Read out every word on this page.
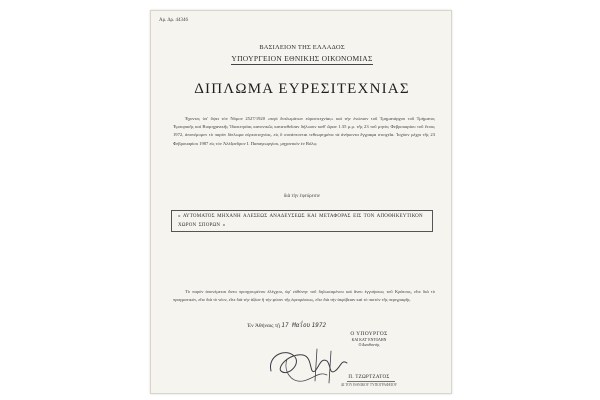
Αρ. Δρ. 44346
ΒΑΣΙΛΕΙΟΝ ΤΗΣ ΕΛΛΑΔΟΣ
ΥΠΟΥΡΓΕΙΟΝ ΕΘΝΙΚΗΣ ΟΙΚΟΝΟΜΙΑΣ
ΔΙΠΛΩΜΑ ΕΥΡΕΣΙΤΕΧΝΙΑΣ
Έχοντες ὑπ' ὄψει τὸν Νόμον 2527/1920 «περὶ διπλωμάτων εὐρεσιτεχνίας» καὶ τὴν ἐνώπιον τοῦ Τμηματάρχου τοῦ Τμήματος Ἐμπορικῆς καὶ Βιομηχανικῆς Ἰδιοκτησίας κανονικῶς κατατεθεῖσαν δήλωσιν καθ' ὥραν 1.35 μ.μ. τῆς 23 τοῦ μηνὸς Φεβρουαρίου τοῦ ἔτους 1972, ἀπονέμομεν τὸ παρὸν δίπλωμα εὐρεσιτεχνίας, εἰς ὃ συνάπτονται τεθεωρημένα τὰ ἀνήκοντα ἔγγραφα στοιχεῖα. Ἰσχύον μέχρι τῆς 23 Φεβρουαρίου 1987 εἰς τὸν Ἀλέξανδρον Ι. Παπαγεωργίου, μηχανικὸν ἐν Βόλῳ
διὰ τὴν ἐφεύρεσιν
« ΑΥΤΟΜΑΤΟΣ ΜΗΧΑΝΗ ΑΛΕΣΕΩΣ ΑΝΑΔΕΥΣΕΩΣ ΚΑΙ ΜΕΤΑΦΟΡΑΣ ΕΙΣ ΤΟΝ ΑΠΟΘΗΚΕΥΤΙΚΟΝ ΧΩΡΟΝ ΣΠΟΡΩΝ »
Τὸ παρὸν ἀπονέμεται ἄνευ προηγουμένου ἐλέγχου, ὑφ' εὐθύνην τοῦ δηλωσαμένου καὶ ἄνευ ἐγγυήσεως τοῦ Κράτους, εἴτε διὰ τὸ πραγματικόν, εἴτε διὰ τὸ νέον, εἴτε διὰ τὴν ἀξίαν ἢ τὴν φύσιν τῆς ἐφευρέσεως, εἴτε διὰ τὴν ἀκρίβειαν καὶ τὸ πιστὸν τῆς περιγραφῆς.
Ἐν Ἀθήναις τῇ 17 Μαΐου 1972
Ο ΥΠΟΥΡΓΟΣ
ΚΑΙ ΚΑΤ' ΕΝΤΟΛΗΝ
Ο Διευθυντής
Π. ΤΖΩΡΤΖΑΤΟΣ
ΔΙ ΤΟΥ ΕΘΝΙΚΟΥ ΤΥΠΟΓΡΑΦΕΙΟΥ
